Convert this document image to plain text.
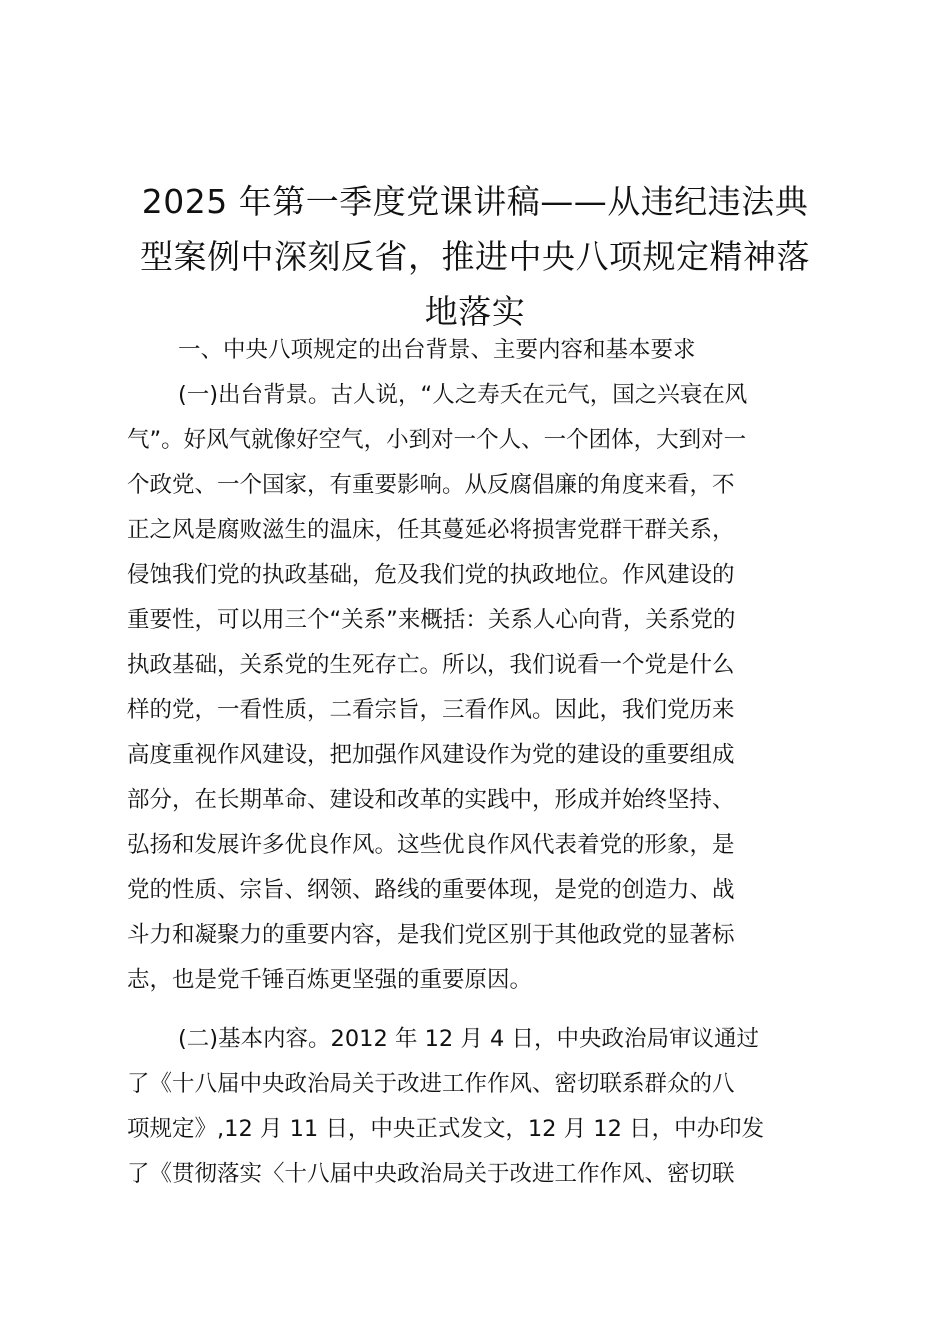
2025 年第一季度党课讲稿——从违纪违法典
型案例中深刻反省，推进中央八项规定精神落
地落实
一、中央八项规定的出台背景、主要内容和基本要求
(一)出台背景。古人说，“人之寿夭在元气，国之兴衰在风
气”。好风气就像好空气，小到对一个人、一个团体，大到对一
个政党、一个国家，有重要影响。从反腐倡廉的角度来看，不
正之风是腐败滋生的温床，任其蔓延必将损害党群干群关系，
侵蚀我们党的执政基础，危及我们党的执政地位。作风建设的
重要性，可以用三个“关系”来概括：关系人心向背，关系党的
执政基础，关系党的生死存亡。所以，我们说看一个党是什么
样的党，一看性质，二看宗旨，三看作风。因此，我们党历来
高度重视作风建设，把加强作风建设作为党的建设的重要组成
部分，在长期革命、建设和改革的实践中，形成并始终坚持、
弘扬和发展许多优良作风。这些优良作风代表着党的形象，是
党的性质、宗旨、纲领、路线的重要体现，是党的创造力、战
斗力和凝聚力的重要内容，是我们党区别于其他政党的显著标
志，也是党千锤百炼更坚强的重要原因。
(二)基本内容。2012 年 12 月 4 日，中央政治局审议通过
了《十八届中央政治局关于改进工作作风、密切联系群众的八
项规定》,12 月 11 日，中央正式发文，12 月 12 日，中办印发
了《贯彻落实〈十八届中央政治局关于改进工作作风、密切联
